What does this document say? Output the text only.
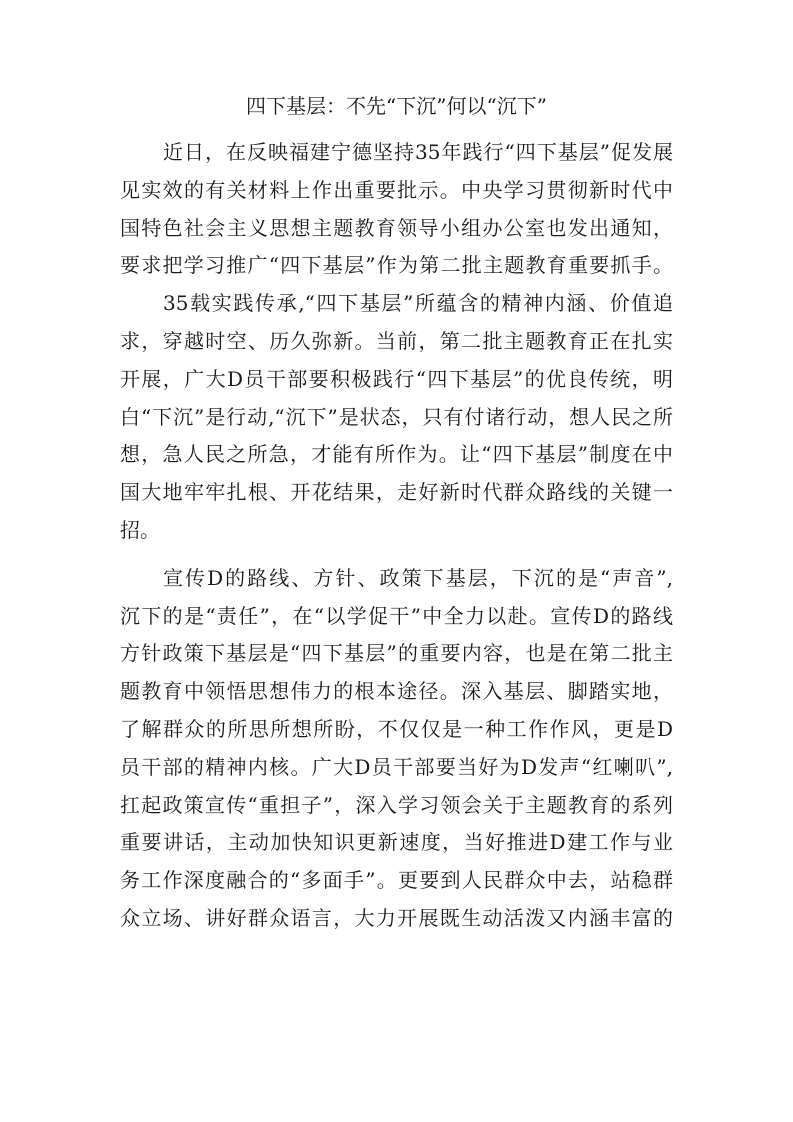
四下基层：不先“下沉”何以“沉下”
近日，在反映福建宁德坚持35年践行“四下基层”促发展
见实效的有关材料上作出重要批示。中央学习贯彻新时代中
国特色社会主义思想主题教育领导小组办公室也发出通知，
要求把学习推广“四下基层”作为第二批主题教育重要抓手。
35载实践传承,“四下基层”所蕴含的精神内涵、价值追
求，穿越时空、历久弥新。当前，第二批主题教育正在扎实
开展，广大D员干部要积极践行“四下基层”的优良传统，明
白“下沉”是行动,“沉下”是状态，只有付诸行动，想人民之所
想，急人民之所急，才能有所作为。让“四下基层”制度在中
国大地牢牢扎根、开花结果，走好新时代群众路线的关键一
招。
宣传D的路线、方针、政策下基层，下沉的是“声音”,
沉下的是“责任”，在“以学促干”中全力以赴。宣传D的路线
方针政策下基层是“四下基层”的重要内容，也是在第二批主
题教育中领悟思想伟力的根本途径。深入基层、脚踏实地，
了解群众的所思所想所盼，不仅仅是一种工作作风，更是D
员干部的精神内核。广大D员干部要当好为D发声“红喇叭”,
扛起政策宣传“重担子”，深入学习领会关于主题教育的系列
重要讲话，主动加快知识更新速度，当好推进D建工作与业
务工作深度融合的“多面手”。更要到人民群众中去，站稳群
众立场、讲好群众语言，大力开展既生动活泼又内涵丰富的
